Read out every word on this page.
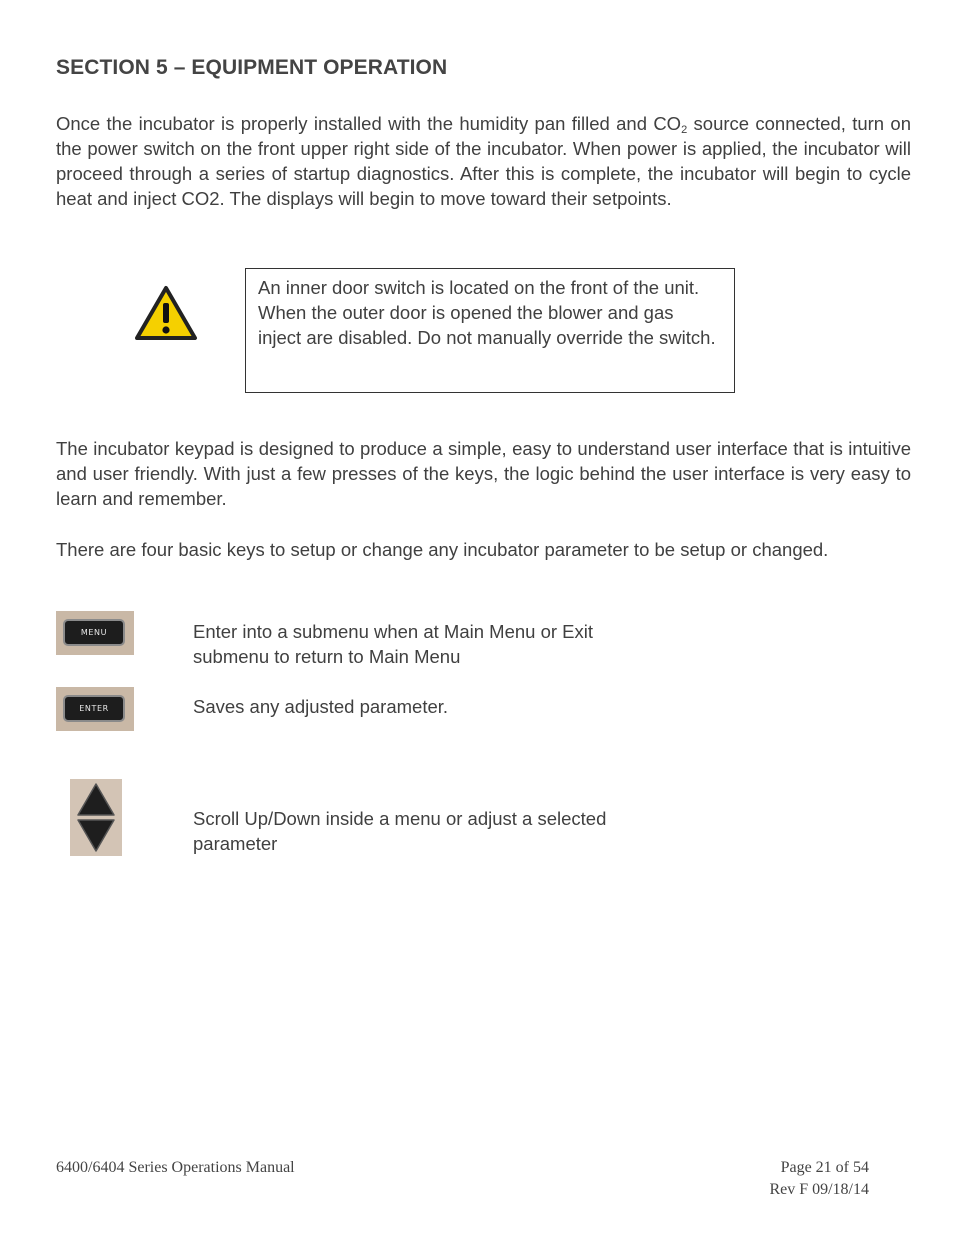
SECTION 5 – EQUIPMENT OPERATION
Once the incubator is properly installed with the humidity pan filled and $CO_2$ source connected, turn on the power switch on the front upper right side of the incubator. When power is applied, the incubator will proceed through a series of startup diagnostics. After this is complete, the incubator will begin to cycle heat and inject CO2. The displays will begin to move toward their setpoints.
An inner door switch is located on the front of the unit. When the outer door is opened the blower and gas inject are disabled. Do not manually override the switch.
The incubator keypad is designed to produce a simple, easy to understand user interface that is intuitive and user friendly. With just a few presses of the keys, the logic behind the user interface is very easy to learn and remember.
There are four basic keys to setup or change any incubator parameter to be setup or changed.
MENU	Enter into a submenu when at Main Menu or Exit submenu to return to Main Menu
ENTER	Saves any adjusted parameter.
Scroll Up/Down inside a menu or adjust a selected parameter
6400/6404 Series Operations Manual	Page 21 of 54
Rev F 09/18/14
